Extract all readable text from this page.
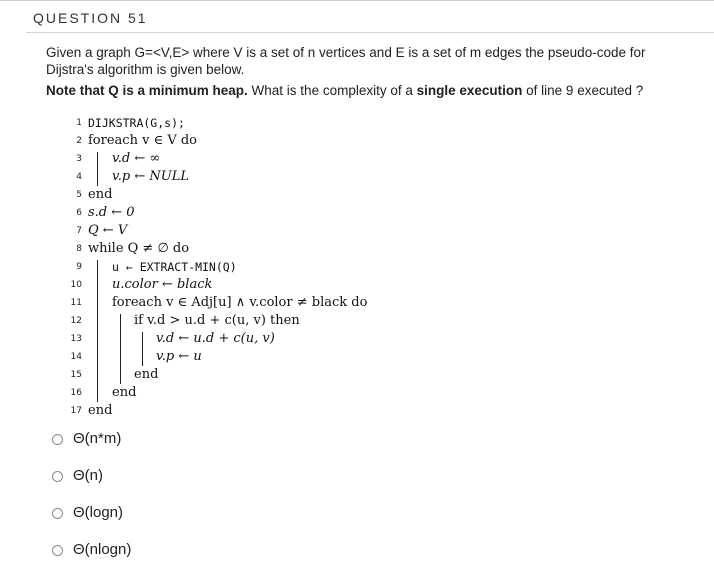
QUESTION 51
Given a graph G=<V,E> where V is a set of n vertices and E is a set of m edges the pseudo-code for Dijstra's algorithm is given below.
Note that Q is a minimum heap. What is the complexity of a single execution of line 9 executed ?
1 DIJKSTRA(G,s);
2 foreach v ∈ V do
3 v.d ← ∞
4 v.p ← NULL
5 end
6 s.d ← 0
7 Q ← V
8 while Q ≠ ∅ do
9	u ← EXTRACT-MIN(Q)
10 u.color ← black
11 foreach v ∈ Adj[u] ∧ v.color ≠ black do
12	if v.d > u.d + c(u, v) then
13	v.d ← u.d + c(u, v)
14	v.p ← u
15	end
16 end
17 end
Θ(n*m)
Θ(n)
Θ(logn)
Θ(nlogn)
